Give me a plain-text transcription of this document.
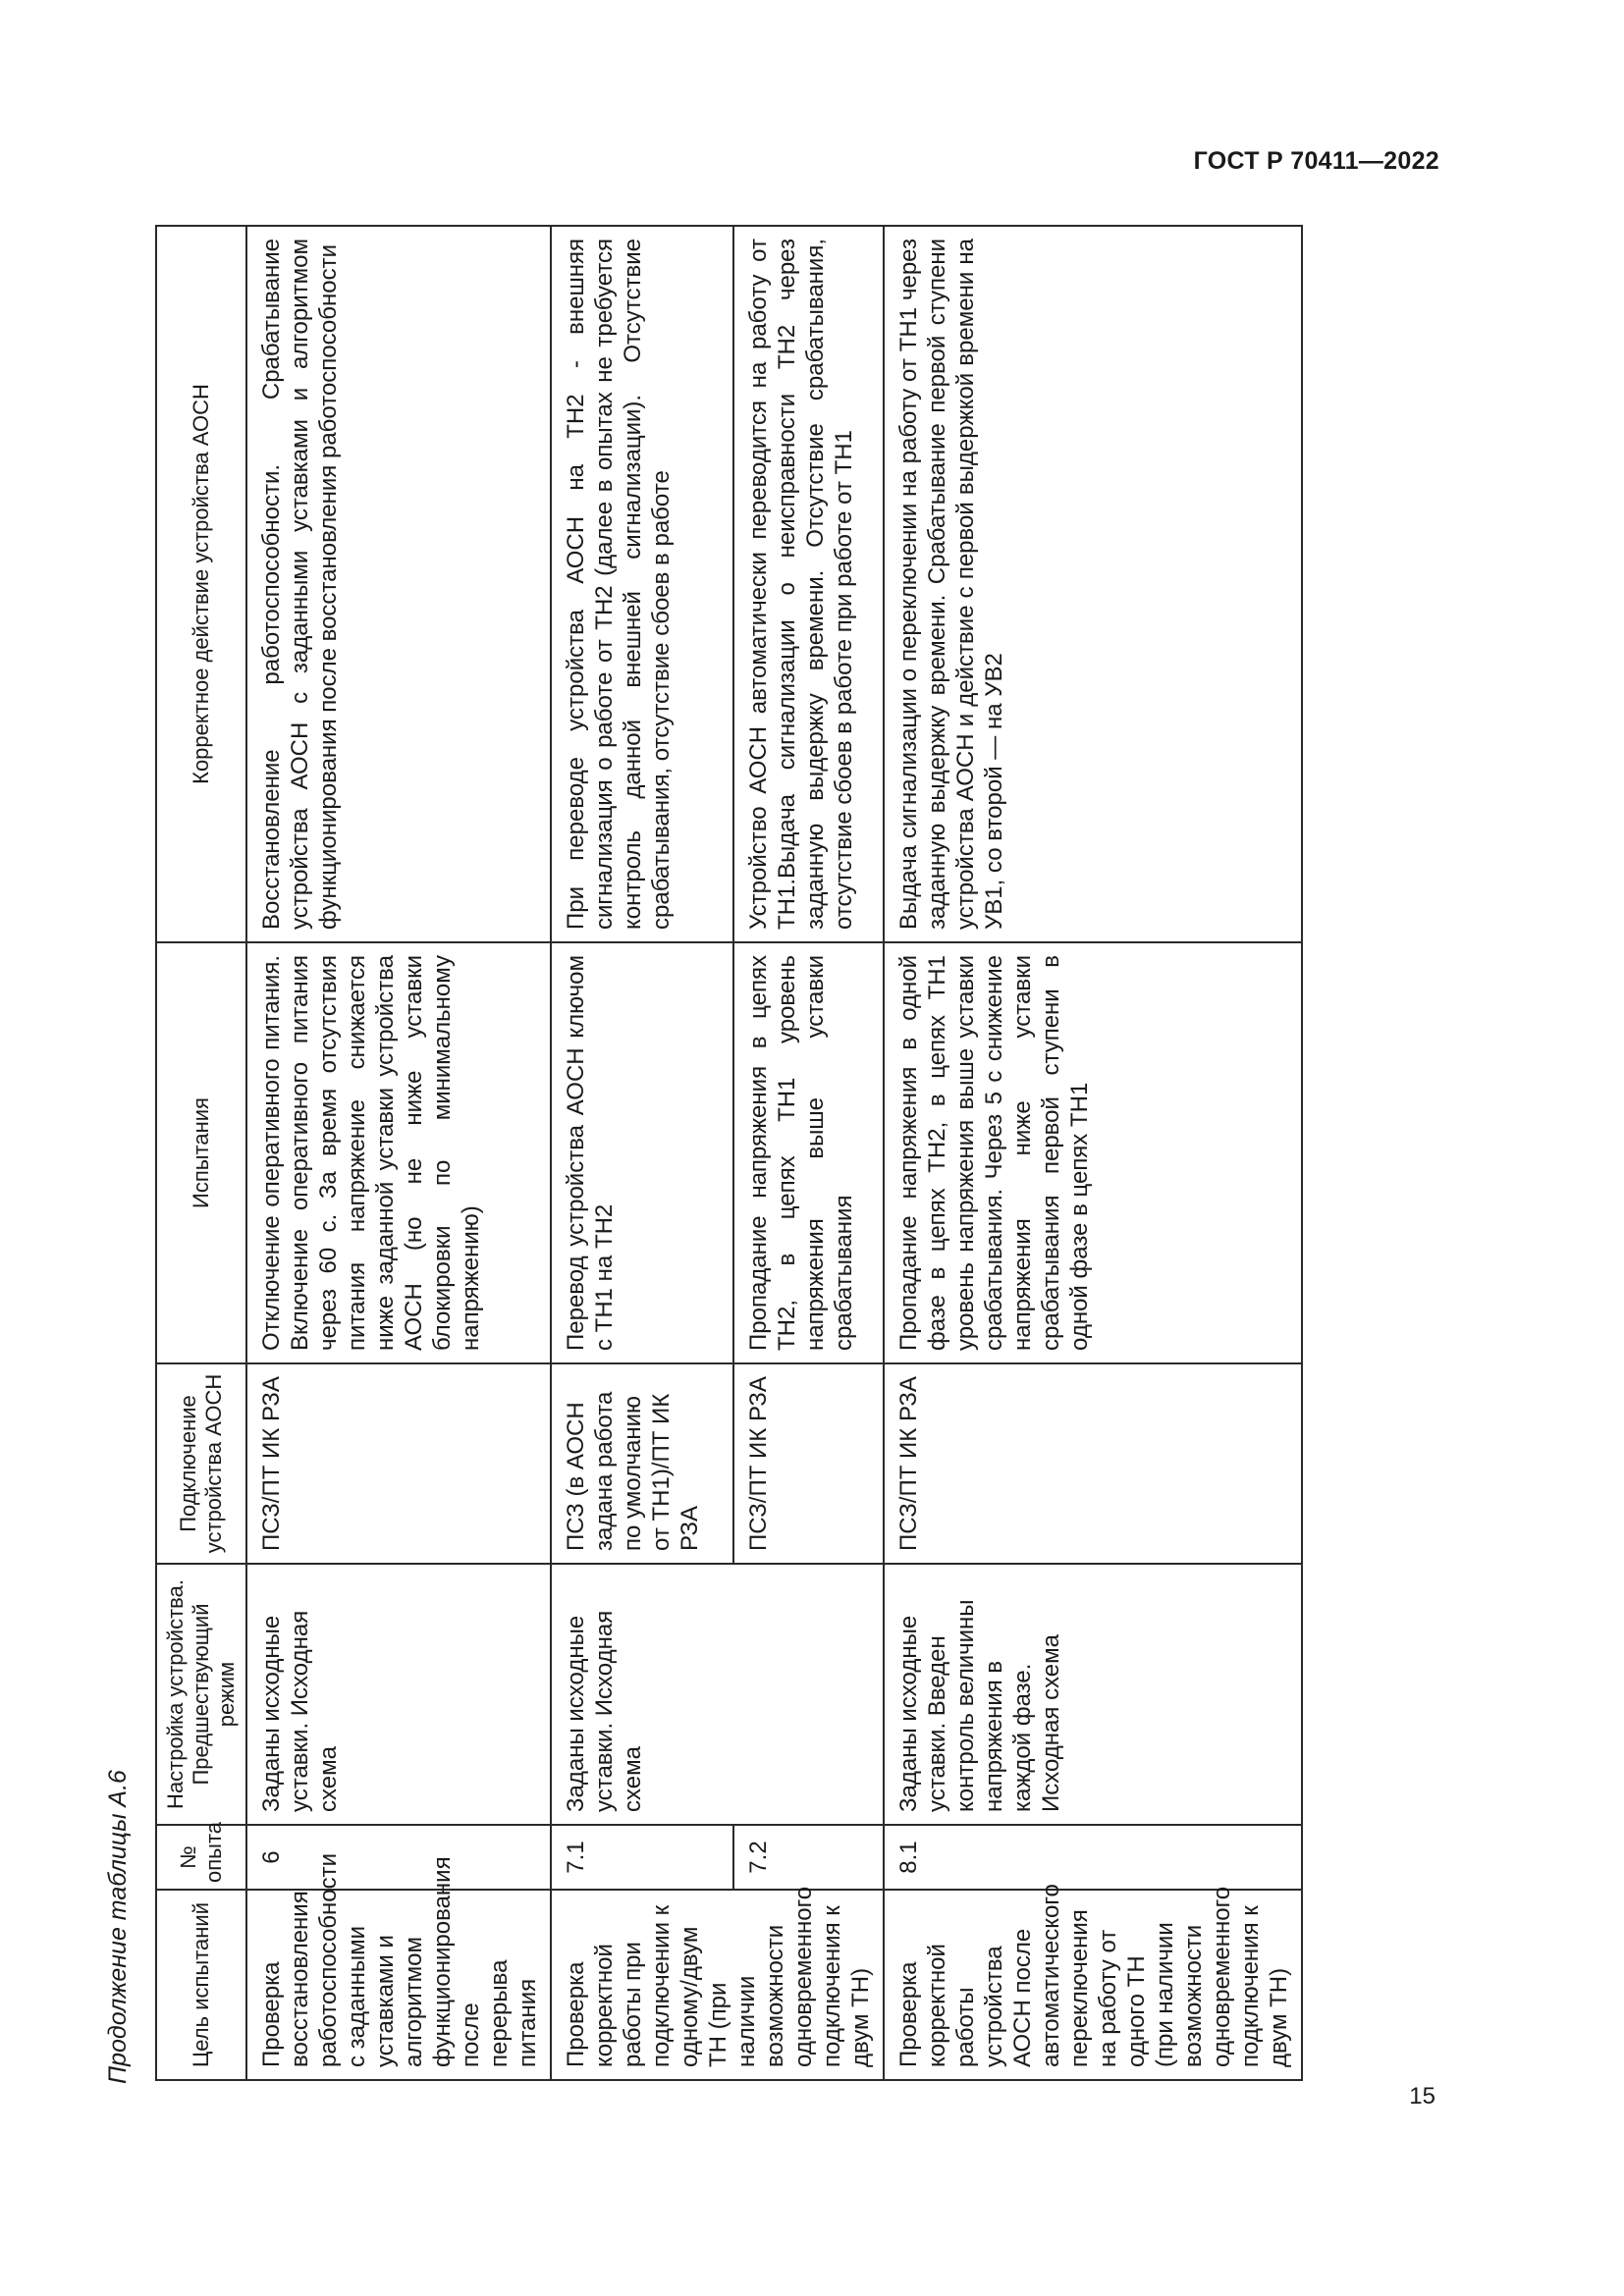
ГОСТ Р 70411—2022
Продолжение таблицы А.6	Цель испытаний	№ опыта	Настройка устройства. Предшествующий режим	Подключение устройства АОСН	Испытания	Корректное действие устройства АОСН
Проверка восстановления работоспособности с заданными уставками и алгоритмом функционирования после перерыва питания	6	Заданы исходные уставки. Исходная схема	ПСЗ/ПТ ИК РЗА	Отключение оперативного питания. Включение оперативного питания через 60 с. За время отсутствия питания напряжение снижается ниже заданной уставки устройства АОСН (но не ниже уставки блокировки по минимальному напряжению)	Восстановление работоспособности. Срабатывание устройства АОСН с заданными уставками и алгоритмом функционирования после восстановления работоспособности
Проверка корректной работы при подключении к одному/двум ТН (при наличии возможности одновременного подключения к двум ТН)	7.1	Заданы исходные уставки. Исходная схема	ПСЗ (в АОСН задана работа по умолчанию от ТН1)/ПТ ИК РЗА	Перевод устройства АОСН ключом с ТН1 на ТН2	При переводе устройства АОСН на ТН2 - внешняя сигнализация о работе от ТН2 (далее в опытах не требуется контроль данной внешней сигнализации). Отсутствие срабатывания, отсутствие сбоев в работе
	7.2		ПСЗ/ПТ ИК РЗА	Пропадание напряжения в цепях ТН2, в цепях ТН1 уровень напряжения выше уставки срабатывания	Устройство АОСН автоматически переводится на работу от ТН1.Выдача сигнализации о неисправности ТН2 через заданную выдержку времени. Отсутствие срабатывания, отсутствие сбоев в работе при работе от ТН1
Проверка корректной работы устройства АОСН после автоматического переключения на работу от одного ТН (при наличии возможности одновременного подключения к двум ТН)	8.1	Заданы исходные уставки. Введен контроль величины напряжения в каждой фазе. Исходная схема	ПСЗ/ПТ ИК РЗА	Пропадание напряжения в одной фазе в цепях ТН2, в цепях ТН1 уровень напряжения выше уставки срабатывания. Через 5 с снижение напряжения ниже уставки срабатывания первой ступени в одной фазе в цепях ТН1	Выдача сигнализации о переключении на работу от ТН1 через заданную выдержку времени. Срабатывание первой ступени устройства АОСН и действие с первой выдержкой времени на УВ1, со второй — на УВ2
15
